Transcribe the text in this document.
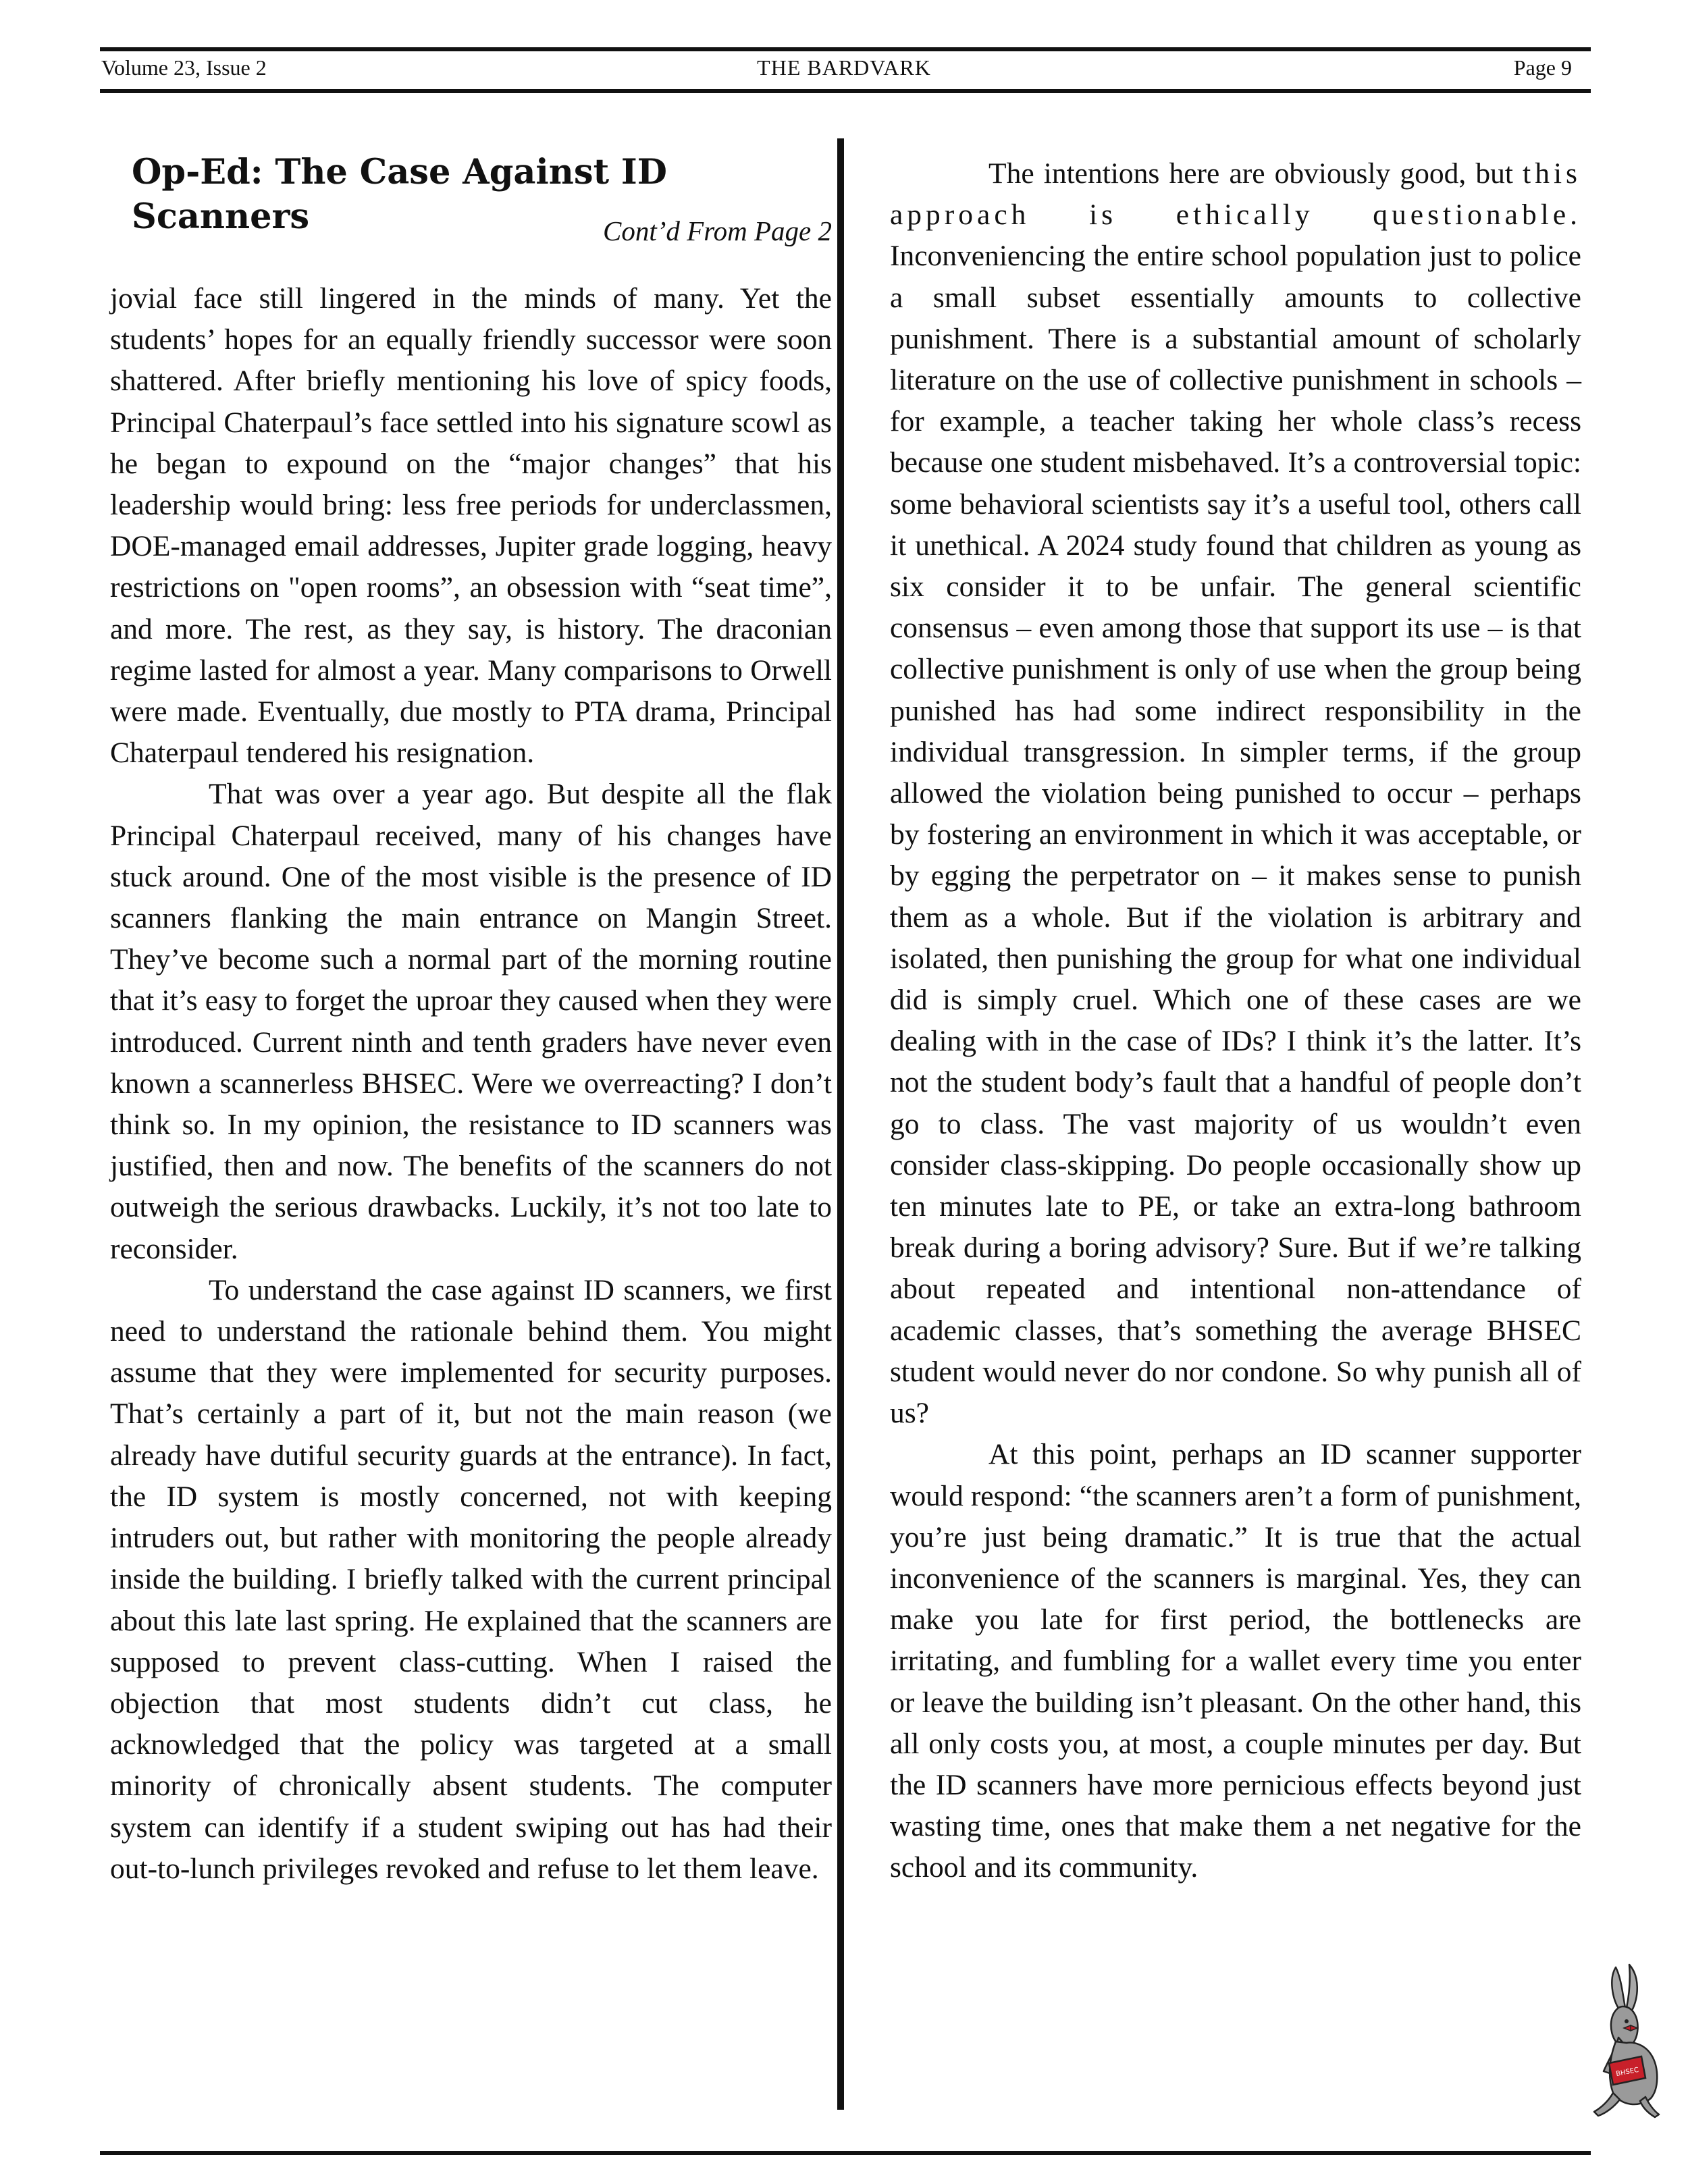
Volume 23, Issue 2	THE BARDVARK	Page 9
Op-Ed: The Case Against ID Scanners	Cont’d From Page 2

jovial face still lingered in the minds of many. Yet the students’ hopes for an equally friendly successor were soon shattered. After briefly mentioning his love of spicy foods, Principal Chaterpaul’s face settled into his signature scowl as he began to expound on the “major changes” that his leadership would bring: less free periods for underclassmen, DOE-managed email addresses, Jupiter grade logging, heavy restrictions on "open rooms”, an obsession with “seat time”, and more. The rest, as they say, is history. The draconian regime lasted for almost a year. Many comparisons to Orwell were made. Eventually, due mostly to PTA drama, Principal Chaterpaul tendered his resignation.

That was over a year ago. But despite all the flak Principal Chaterpaul received, many of his changes have stuck around. One of the most visible is the presence of ID scanners flanking the main entrance on Mangin Street. They’ve become such a normal part of the morning routine that it’s easy to forget the uproar they caused when they were introduced. Current ninth and tenth graders have never even known a scannerless BHSEC. Were we overreacting? I don’t think so. In my opinion, the resistance to ID scanners was justified, then and now. The benefits of the scanners do not outweigh the serious drawbacks. Luckily, it’s not too late to reconsider.

To understand the case against ID scanners, we first need to understand the rationale behind them. You might assume that they were implemented for security purposes. That’s certainly a part of it, but not the main reason (we already have dutiful security guards at the entrance). In fact, the ID system is mostly concerned, not with keeping intruders out, but rather with monitoring the people already inside the building. I briefly talked with the current principal about this late last spring. He explained that the scanners are supposed to prevent class-cutting. When I raised the objection that most students didn’t cut class, he acknowledged that the policy was targeted at a small minority of chronically absent students. The computer system can identify if a student swiping out has had their out-to-lunch privileges revoked and refuse to let them leave.

The intentions here are obviously good, but this approach is ethically questionable. Inconveniencing the entire school population just to police a small subset essentially amounts to collective punishment. There is a substantial amount of scholarly literature on the use of collective punishment in schools – for example, a teacher taking her whole class’s recess because one student misbehaved. It’s a controversial topic: some behavioral scientists say it’s a useful tool, others call it unethical. A 2024 study found that children as young as six consider it to be unfair. The general scientific consensus – even among those that support its use – is that collective punishment is only of use when the group being punished has had some indirect responsibility in the individual transgression. In simpler terms, if the group allowed the violation being punished to occur – perhaps by fostering an environment in which it was acceptable, or by egging the perpetrator on – it makes sense to punish them as a whole. But if the violation is arbitrary and isolated, then punishing the group for what one individual did is simply cruel. Which one of these cases are we dealing with in the case of IDs? I think it’s the latter. It’s not the student body’s fault that a handful of people don’t go to class. The vast majority of us wouldn’t even consider class-skipping. Do people occasionally show up ten minutes late to PE, or take an extra-long bathroom break during a boring advisory? Sure. But if we’re talking about repeated and intentional non-attendance of academic classes, that’s something the average BHSEC student would never do nor condone. So why punish all of us?

At this point, perhaps an ID scanner supporter would respond: “the scanners aren’t a form of punishment, you’re just being dramatic.” It is true that the actual inconvenience of the scanners is marginal. Yes, they can make you late for first period, the bottlenecks are irritating, and fumbling for a wallet every time you enter or leave the building isn’t pleasant. On the other hand, this all only costs you, at most, a couple minutes per day. But the ID scanners have more pernicious effects beyond just wasting time, ones that make them a net negative for the school and its community.

BHSEC
